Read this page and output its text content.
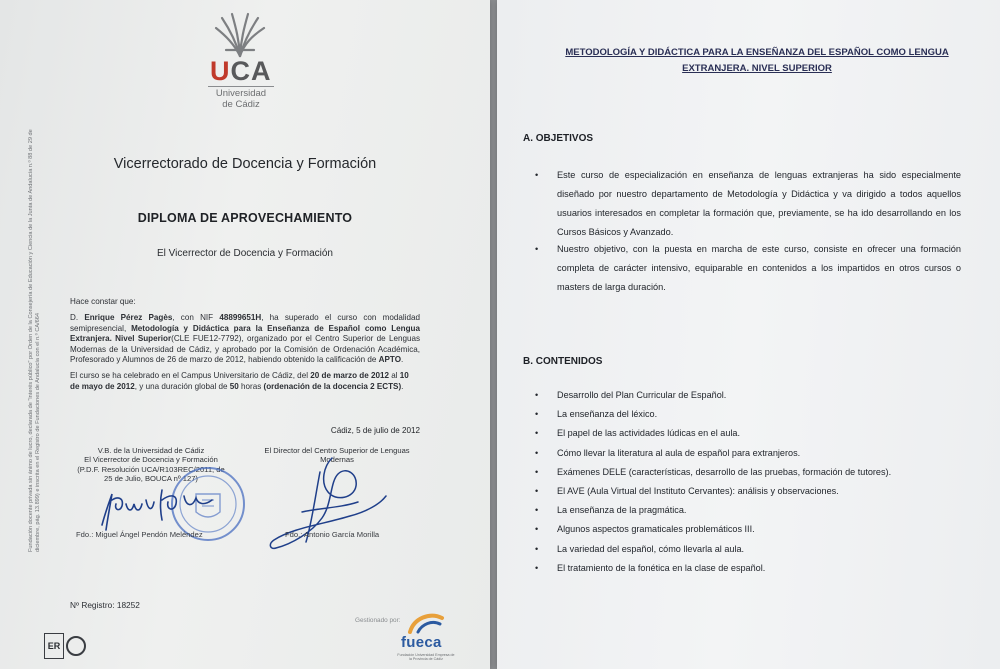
UCA
Universidad
de Cádiz
Fundación docente privada sin ánimo de lucro, declarada de "interés público" por Orden de la Consejería de Educación y Ciencia de la Junta de Andalucía n.º 88 de 29 de diciembre, pág. 13.899) e inscrita en el Registro de Fundaciones de Andalucía con el n.º CA/664
Vicerrectorado de Docencia y Formación
DIPLOMA DE APROVECHAMIENTO
El Vicerrector de Docencia y Formación
Hace constar que:
D. Enrique Pérez Pagès, con NIF 48899651H, ha superado el curso con modalidad semipresencial, Metodología y Didáctica para la Enseñanza de Español como Lengua Extranjera. Nivel Superior(CLE FUE12-7792), organizado por el Centro Superior de Lenguas Modernas de la Universidad de Cádiz, y aprobado por la Comisión de Ordenación Académica, Profesorado y Alumnos de 26 de marzo de 2012, habiendo obtenido la calificación de APTO.
El curso se ha celebrado en el Campus Universitario de Cádiz, del 20 de marzo de 2012 al 10 de mayo de 2012, y una duración global de 50 horas (ordenación de la docencia 2 ECTS).
Cádiz, 5 de julio de 2012
V.B. de la Universidad de Cádiz
El Vicerrector de Docencia y Formación
(P.D.F. Resolución UCA/R103REC/2011, de
25 de Julio, BOUCA nº 127)
El Director del Centro Superior de Lenguas
Modernas
Fdo.: Miguel Ángel Pendón Meléndez	Fdo.: Antonio García Morilla
Nº Registro: 18252
ER
Gestionado por:
fueca
Fundación Universidad Empresa de la Provincia de Cádiz
METODOLOGÍA Y DIDÁCTICA PARA LA ENSEÑANZA DEL ESPAÑOL COMO LENGUA
EXTRANJERA. NIVEL SUPERIOR
A. OBJETIVOS
• Este curso de especialización en enseñanza de lenguas extranjeras ha sido especialmente diseñado por nuestro departamento de Metodología y Didáctica y va dirigido a todos aquellos usuarios interesados en completar la formación que, previamente, se ha ido desarrollando en los Cursos Básicos y Avanzado.
• Nuestro objetivo, con la puesta en marcha de este curso, consiste en ofrecer una formación completa de carácter intensivo, equiparable en contenidos a los impartidos en otros cursos o masters de larga duración.
B. CONTENIDOS
• Desarrollo del Plan Curricular de Español.
• La enseñanza del léxico.
• El papel de las actividades lúdicas en el aula.
• Cómo llevar la literatura al aula de español para extranjeros.
• Exámenes DELE (características, desarrollo de las pruebas, formación de tutores).
• El AVE (Aula Virtual del Instituto Cervantes): análisis y observaciones.
• La enseñanza de la pragmática.
• Algunos aspectos gramaticales problemáticos III.
• La variedad del español, cómo llevarla al aula.
• El tratamiento de la fonética en la clase de español.
